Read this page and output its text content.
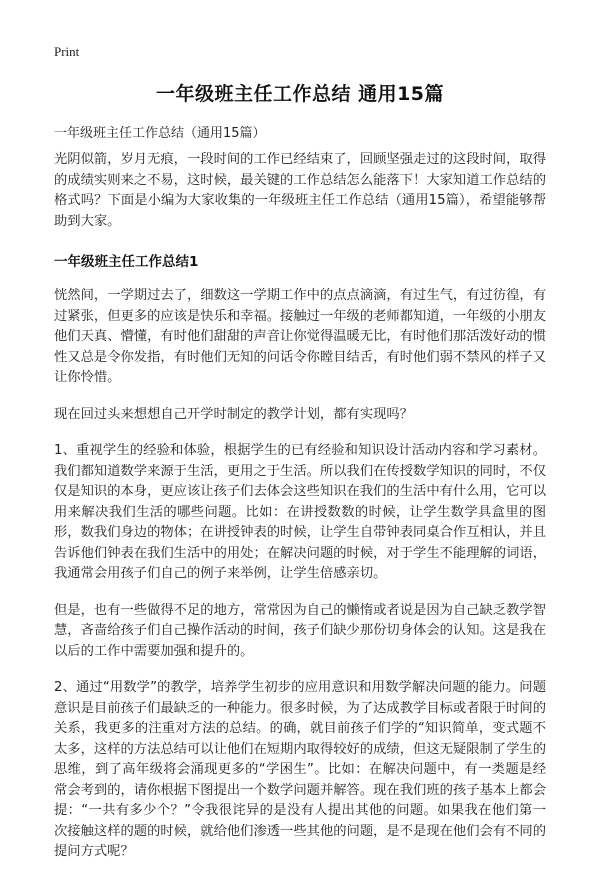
Print
一年级班主任工作总结 通用15篇

一年级班主任工作总结（通用15篇）

光阴似箭，岁月无痕，一段时间的工作已经结束了，回顾坚强走过的这段时间，取得的成绩实则来之不易，这时候，最关键的工作总结怎么能落下！大家知道工作总结的格式吗？下面是小编为大家收集的一年级班主任工作总结（通用15篇），希望能够帮助到大家。

一年级班主任工作总结1

恍然间，一学期过去了，细数这一学期工作中的点点滴滴，有过生气，有过彷徨，有过紧张，但更多的应该是快乐和幸福。接触过一年级的老师都知道，一年级的小朋友他们天真、懵懂，有时他们甜甜的声音让你觉得温暖无比，有时他们那活泼好动的惯性又总是令你发指，有时他们无知的问话令你瞠目结舌，有时他们弱不禁风的样子又让你怜惜。

现在回过头来想想自己开学时制定的教学计划，都有实现吗？

1、重视学生的经验和体验，根据学生的已有经验和知识设计活动内容和学习素材。我们都知道数学来源于生活，更用之于生活。所以我们在传授数学知识的同时，不仅仅是知识的本身，更应该让孩子们去体会这些知识在我们的生活中有什么用，它可以用来解决我们生活的哪些问题。比如：在讲授数数的时候，让学生数学具盒里的图形，数我们身边的物体；在讲授钟表的时候，让学生自带钟表同桌合作互相认，并且告诉他们钟表在我们生活中的用处；在解决问题的时候，对于学生不能理解的词语，我通常会用孩子们自己的例子来举例，让学生倍感亲切。

但是，也有一些做得不足的地方，常常因为自己的懒惰或者说是因为自己缺乏教学智慧，吝啬给孩子们自己操作活动的时间，孩子们缺少那份切身体会的认知。这是我在以后的工作中需要加强和提升的。

2、通过“用数学”的教学，培养学生初步的应用意识和用数学解决问题的能力。问题意识是目前孩子们最缺乏的一种能力。很多时候，为了达成教学目标或者限于时间的关系，我更多的注重对方法的总结。的确，就目前孩子们学的“知识简单，变式题不太多，这样的方法总结可以让他们在短期内取得较好的成绩，但这无疑限制了学生的思维，到了高年级将会涌现更多的“学困生”。比如：在解决问题中，有一类题是经常会考到的，请你根据下图提出一个数学问题并解答。现在我们班的孩子基本上都会提：“一共有多少个？”令我很诧异的是没有人提出其他的问题。如果我在他们第一次接触这样的题的时候，就给他们渗透一些其他的问题，是不是现在他们会有不同的提问方式呢？
